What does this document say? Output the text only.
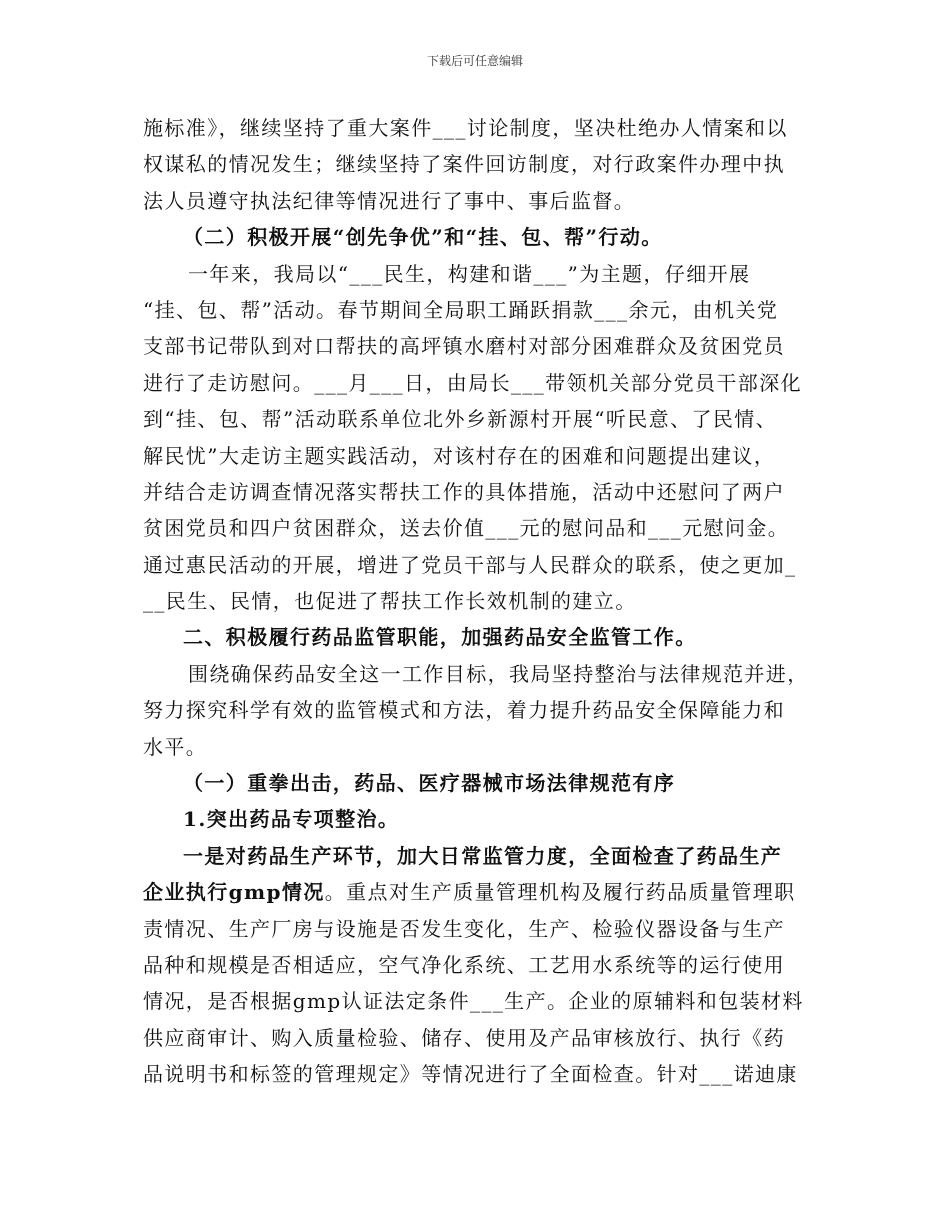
下载后可任意编辑
施标准》，继续坚持了重大案件___讨论制度，坚决杜绝办人情案和以
权谋私的情况发生；继续坚持了案件回访制度，对行政案件办理中执
法人员遵守执法纪律等情况进行了事中、事后监督。
（二）积极开展“创先争优”和“挂、包、帮”行动。
一年来，我局以“___民生，构建和谐___”为主题，仔细开展
“挂、包、帮”活动。春节期间全局职工踊跃捐款___余元，由机关党
支部书记带队到对口帮扶的高坪镇水磨村对部分困难群众及贫困党员
进行了走访慰问。___月___日，由局长___带领机关部分党员干部深化
到“挂、包、帮”活动联系单位北外乡新源村开展“听民意、了民情、
解民忧”大走访主题实践活动，对该村存在的困难和问题提出建议，
并结合走访调查情况落实帮扶工作的具体措施，活动中还慰问了两户
贫困党员和四户贫困群众，送去价值___元的慰问品和___元慰问金。
通过惠民活动的开展，增进了党员干部与人民群众的联系，使之更加_
__民生、民情，也促进了帮扶工作长效机制的建立。
二、积极履行药品监管职能，加强药品安全监管工作。
围绕确保药品安全这一工作目标，我局坚持整治与法律规范并进，
努力探究科学有效的监管模式和方法，着力提升药品安全保障能力和
水平。
（一）重拳出击，药品、医疗器械市场法律规范有序
1.突出药品专项整治。
一是对药品生产环节，加大日常监管力度，全面检查了药品生产
企业执行gmp情况。重点对生产质量管理机构及履行药品质量管理职
责情况、生产厂房与设施是否发生变化，生产、检验仪器设备与生产
品种和规模是否相适应，空气净化系统、工艺用水系统等的运行使用
情况，是否根据gmp认证法定条件___生产。企业的原辅料和包装材料
供应商审计、购入质量检验、储存、使用及产品审核放行、执行《药
品说明书和标签的管理规定》等情况进行了全面检查。针对___诺迪康
